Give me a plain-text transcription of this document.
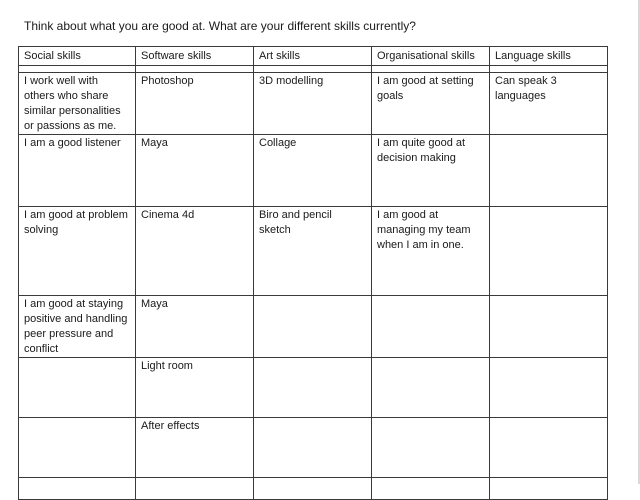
Think about what you are good at. What are your different skills currently?
Social skills	Software skills	Art skills	Organisational skills	Language skills

I work well with others who share similar personalities or passions as me.	Photoshop	3D modelling	I am good at setting goals	Can speak 3 languages
I am a good listener	Maya	Collage	I am quite good at decision making	
I am good at problem solving	Cinema 4d	Biro and pencil sketch	I am good at managing my team when I am in one.	
I am good at staying positive and handling peer pressure and conflict	Maya			
	Light room			
	After effects			
